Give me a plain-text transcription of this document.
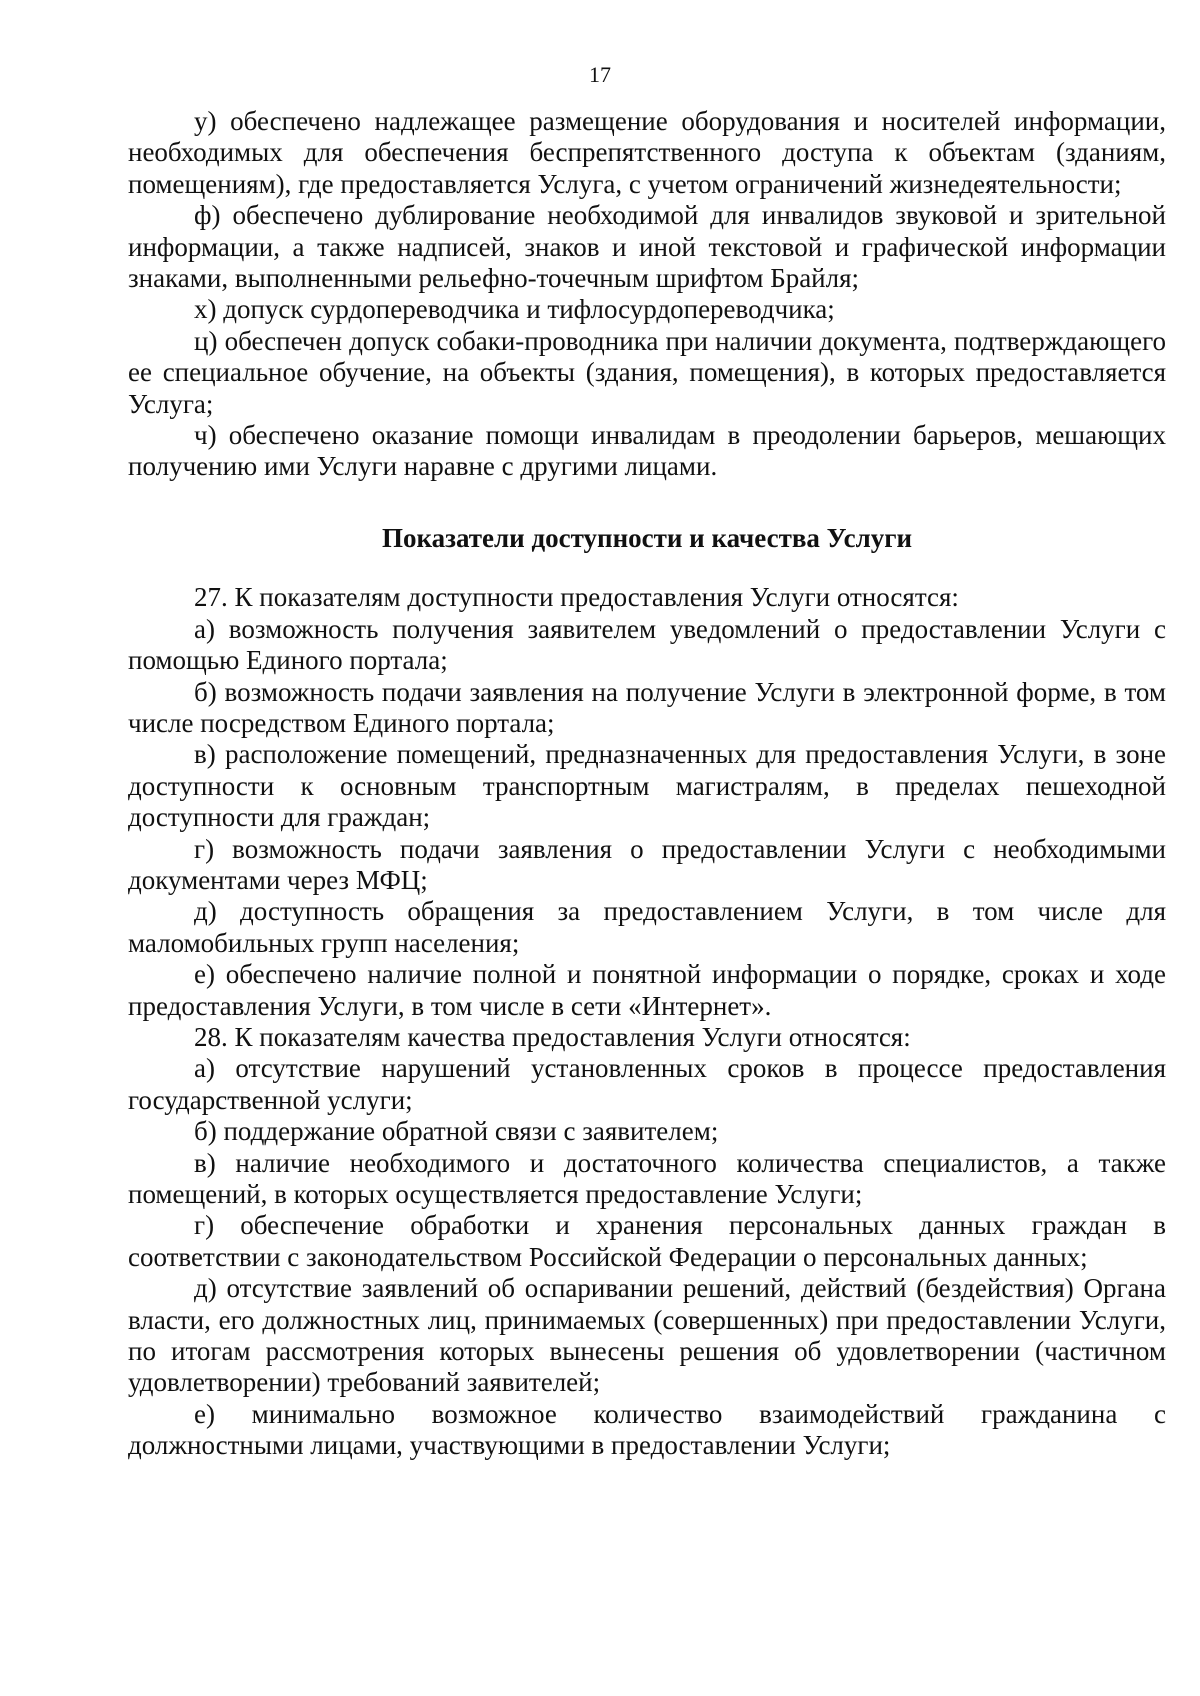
17

у) обеспечено надлежащее размещение оборудования и носителей информации, необходимых для обеспечения беспрепятственного доступа к объектам (зданиям, помещениям), где предоставляется Услуга, с учетом ограничений жизнедеятельности;

ф) обеспечено дублирование необходимой для инвалидов звуковой и зрительной информации, а также надписей, знаков и иной текстовой и графической информации знаками, выполненными рельефно-точечным шрифтом Брайля;

х) допуск сурдопереводчика и тифлосурдопереводчика;

ц) обеспечен допуск собаки-проводника при наличии документа, подтверждающего ее специальное обучение, на объекты (здания, помещения), в которых предоставляется Услуга;

ч) обеспечено оказание помощи инвалидам в преодолении барьеров, мешающих получению ими Услуги наравне с другими лицами.

Показатели доступности и качества Услуги

27. К показателям доступности предоставления Услуги относятся:

а) возможность получения заявителем уведомлений о предоставлении Услуги с помощью Единого портала;

б) возможность подачи заявления на получение Услуги в электронной форме, в том числе посредством Единого портала;

в) расположение помещений, предназначенных для предоставления Услуги, в зоне доступности к основным транспортным магистралям, в пределах пешеходной доступности для граждан;

г) возможность подачи заявления о предоставлении Услуги с необходимыми документами через МФЦ;

д) доступность обращения за предоставлением Услуги, в том числе для маломобильных групп населения;

е) обеспечено наличие полной и понятной информации о порядке, сроках и ходе предоставления Услуги, в том числе в сети «Интернет».

28. К показателям качества предоставления Услуги относятся:

а) отсутствие нарушений установленных сроков в процессе предоставления государственной услуги;

б) поддержание обратной связи с заявителем;

в) наличие необходимого и достаточного количества специалистов, а также помещений, в которых осуществляется предоставление Услуги;

г) обеспечение обработки и хранения персональных данных граждан в соответствии с законодательством Российской Федерации о персональных данных;

д) отсутствие заявлений об оспаривании решений, действий (бездействия) Органа власти, его должностных лиц, принимаемых (совершенных) при предоставлении Услуги, по итогам рассмотрения которых вынесены решения об удовлетворении (частичном удовлетворении) требований заявителей;

е) минимально возможное количество взаимодействий гражданина с должностными лицами, участвующими в предоставлении Услуги;
